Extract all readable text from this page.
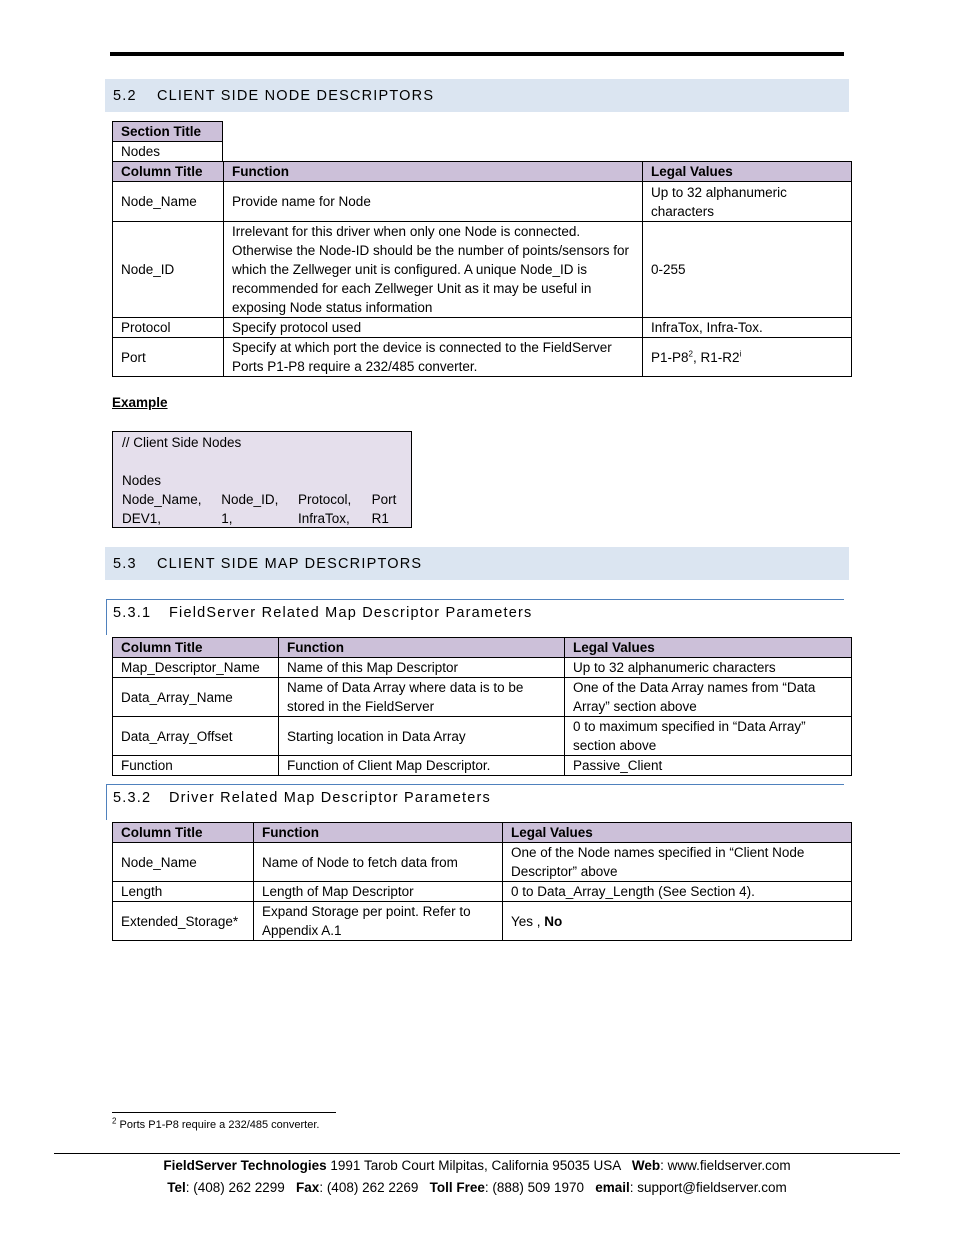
5.2	CLIENT SIDE NODE DESCRIPTORS
Section Title
Nodes
Column Title	Function	Legal Values
Node_Name	Provide name for Node	Up to 32 alphanumeric characters
Node_ID	Irrelevant for this driver when only one Node is connected. Otherwise the Node-ID should be the number of points/sensors for which the Zellweger unit is configured. A unique Node_ID is recommended for each Zellweger Unit as it may be useful in exposing Node status information	0-255
Protocol	Specify protocol used	InfraTox, Infra-Tox.
Port	Specify at which port the device is connected to the FieldServer Ports P1-P8 require a 232/485 converter.	$P1-P8^2$, R1-R2$^i$
Example
// Client Side Nodes
Nodes
Node_Name,	Node_ID,	Protocol,	Port
DEV1,	1,	InfraTox,	R1
5.3	CLIENT SIDE MAP DESCRIPTORS
5.3.1 FieldServer Related Map Descriptor Parameters
Column Title	Function	Legal Values
Map_Descriptor_Name	Name of this Map Descriptor	Up to 32 alphanumeric characters
Data_Array_Name	Name of Data Array where data is to be stored in the FieldServer	One of the Data Array names from “Data Array” section above
Data_Array_Offset	Starting location in Data Array	0 to maximum specified in “Data Array” section above
Function	Function of Client Map Descriptor.	Passive_Client
5.3.2 Driver Related Map Descriptor Parameters
Column Title	Function	Legal Values
Node_Name	Name of Node to fetch data from	One of the Node names specified in “Client Node Descriptor” above
Length	Length of Map Descriptor	0 to Data_Array_Length (See Section 4).
Extended_Storage*	Expand Storage per point. Refer to Appendix A.1	Yes , No
$^2$ Ports P1-P8 require a 232/485 converter.
FieldServer Technologies 1991 Tarob Court Milpitas, California 95035 USA   Web: www.fieldserver.com
Tel: (408) 262 2299   Fax: (408) 262 2269   Toll Free: (888) 509 1970   email: support@fieldserver.com
